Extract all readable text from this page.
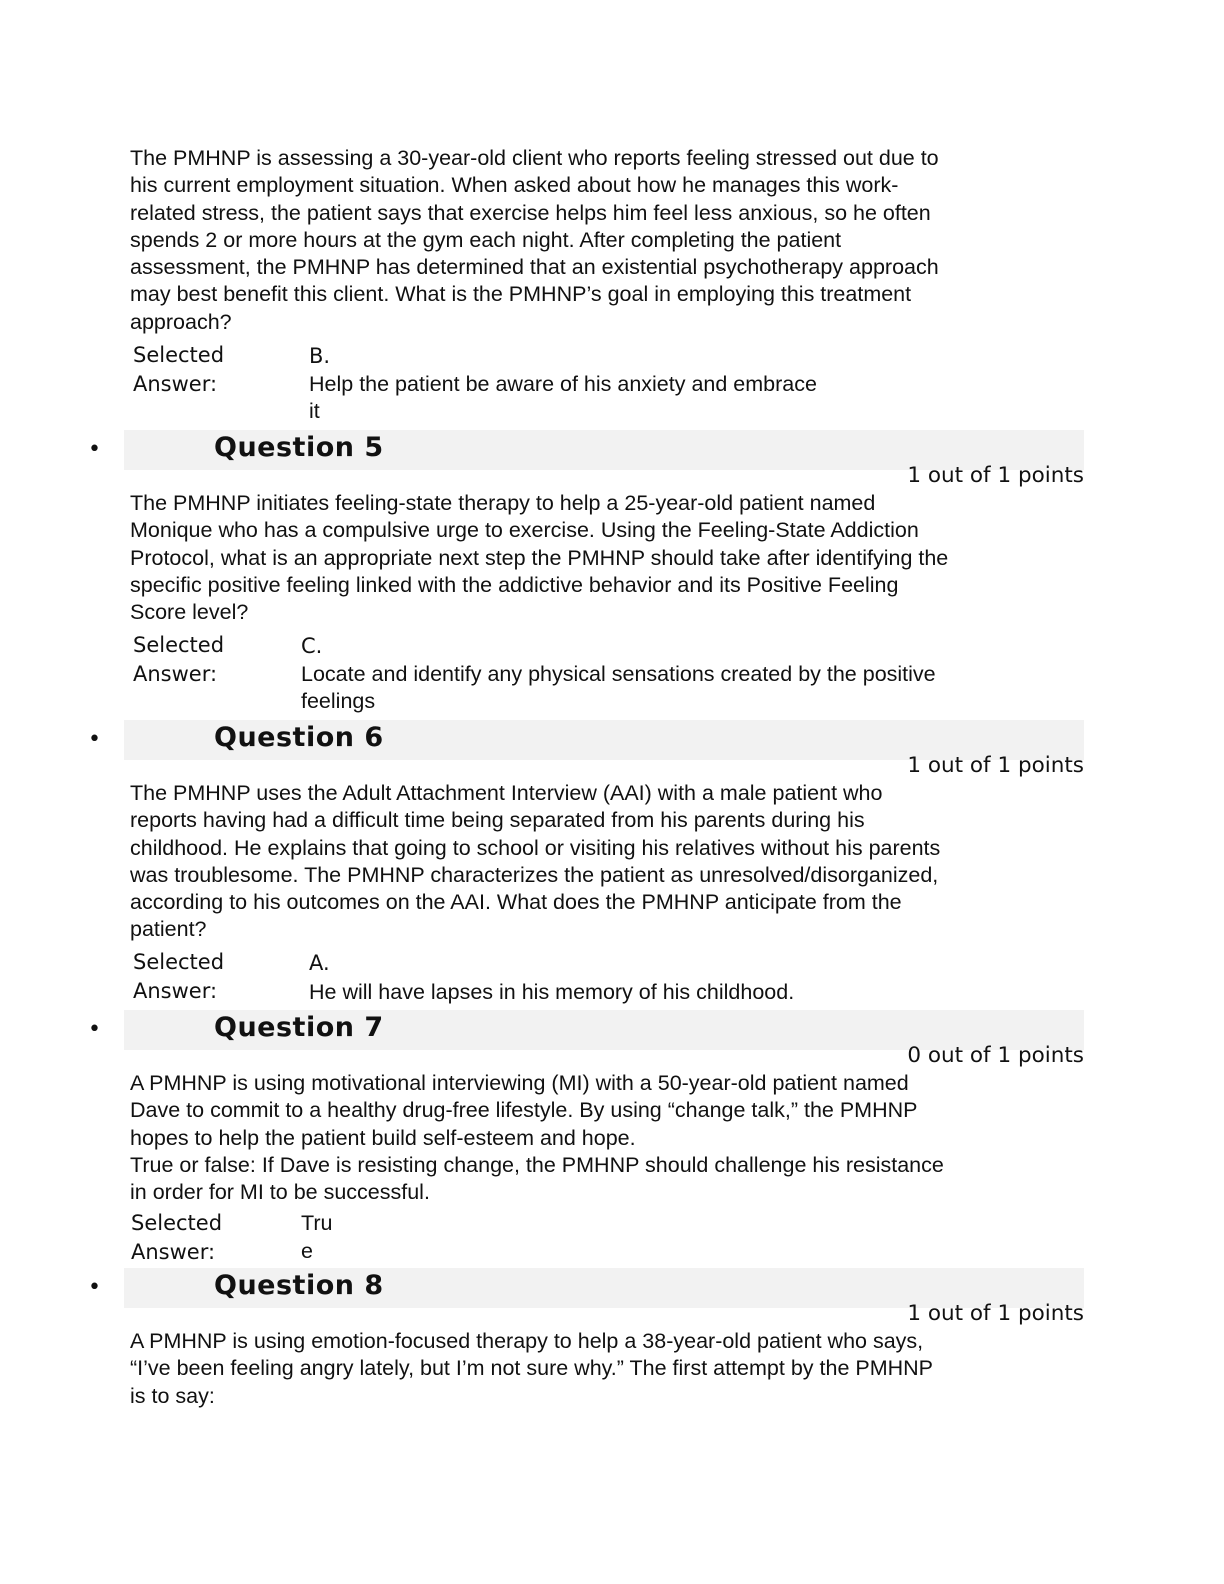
The PMHNP is assessing a 30-year-old client who reports feeling stressed out due to
his current employment situation. When asked about how he manages this work-
related stress, the patient says that exercise helps him feel less anxious, so he often
spends 2 or more hours at the gym each night. After completing the patient
assessment, the PMHNP has determined that an existential psychotherapy approach
may best benefit this client. What is the PMHNP’s goal in employing this treatment
approach?

Selected
Answer:

B.

Help the patient be aware of his anxiety and embrace
it

•	Question 5
1 out of 1 points

The PMHNP initiates feeling-state therapy to help a 25-year-old patient named
Monique who has a compulsive urge to exercise. Using the Feeling-State Addiction
Protocol, what is an appropriate next step the PMHNP should take after identifying the
specific positive feeling linked with the addictive behavior and its Positive Feeling
Score level?

Selected
Answer:

C.

Locate and identify any physical sensations created by the positive
feelings

•	Question 6
1 out of 1 points

The PMHNP uses the Adult Attachment Interview (AAI) with a male patient who
reports having had a difficult time being separated from his parents during his
childhood. He explains that going to school or visiting his relatives without his parents
was troublesome. The PMHNP characterizes the patient as unresolved/disorganized,
according to his outcomes on the AAI. What does the PMHNP anticipate from the
patient?

Selected
Answer:

A.

He will have lapses in his memory of his childhood.

•	Question 7
0 out of 1 points

A PMHNP is using motivational interviewing (MI) with a 50-year-old patient named
Dave to commit to a healthy drug-free lifestyle. By using “change talk,” the PMHNP
hopes to help the patient build self-esteem and hope.
True or false: If Dave is resisting change, the PMHNP should challenge his resistance
in order for MI to be successful.

Selected
Answer:

Tru
e

•	Question 8
1 out of 1 points

A PMHNP is using emotion-focused therapy to help a 38-year-old patient who says,
“I’ve been feeling angry lately, but I’m not sure why.” The first attempt by the PMHNP
is to say:
